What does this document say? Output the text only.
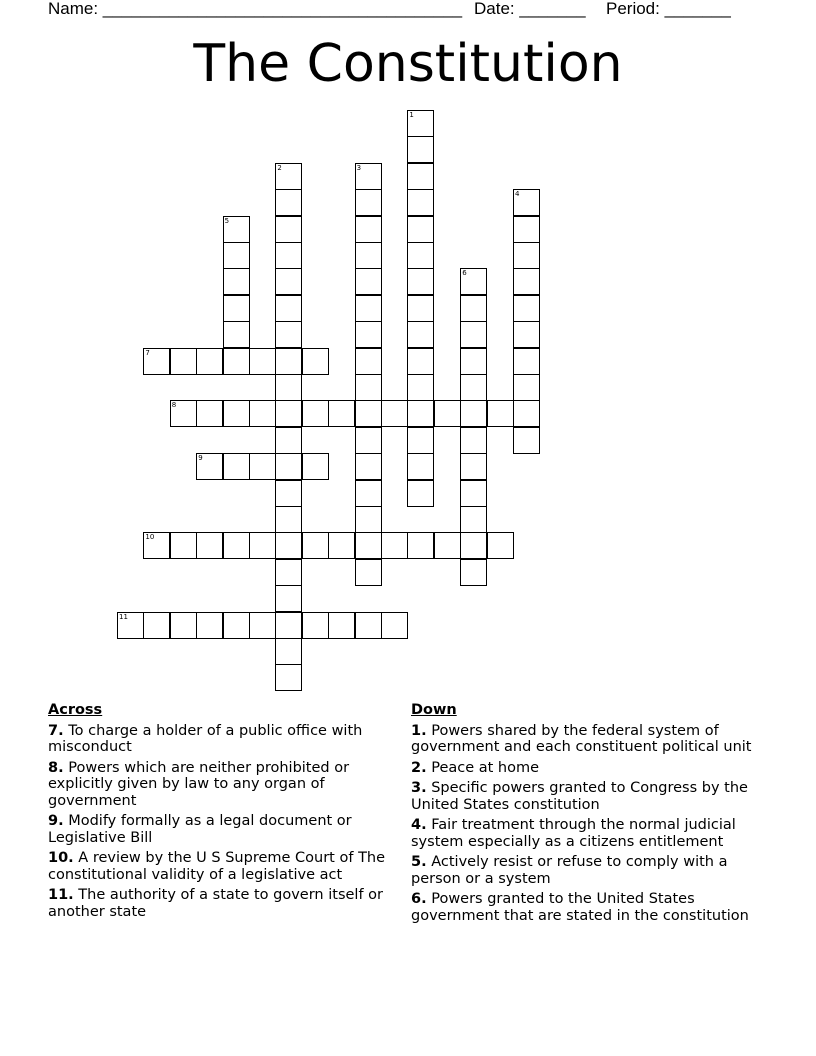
Name: ______________________________________ Date: _______ Period: _______
The Constitution
7
8
9
10
11
1
2	3
4
5
6
Across
7. To charge a holder of a public office with misconduct
8. Powers which are neither prohibited or explicitly given by law to any organ of government
9. Modify formally as a legal document or Legislative Bill
10. A review by the U S Supreme Court of The constitutional validity of a legislative act
11. The authority of a state to govern itself or another state
Down
1. Powers shared by the federal system of government and each constituent political unit
2. Peace at home
3. Specific powers granted to Congress by the United States constitution
4. Fair treatment through the normal judicial system especially as a citizens entitlement
5. Actively resist or refuse to comply with a person or a system
6. Powers granted to the United States government that are stated in the constitution
